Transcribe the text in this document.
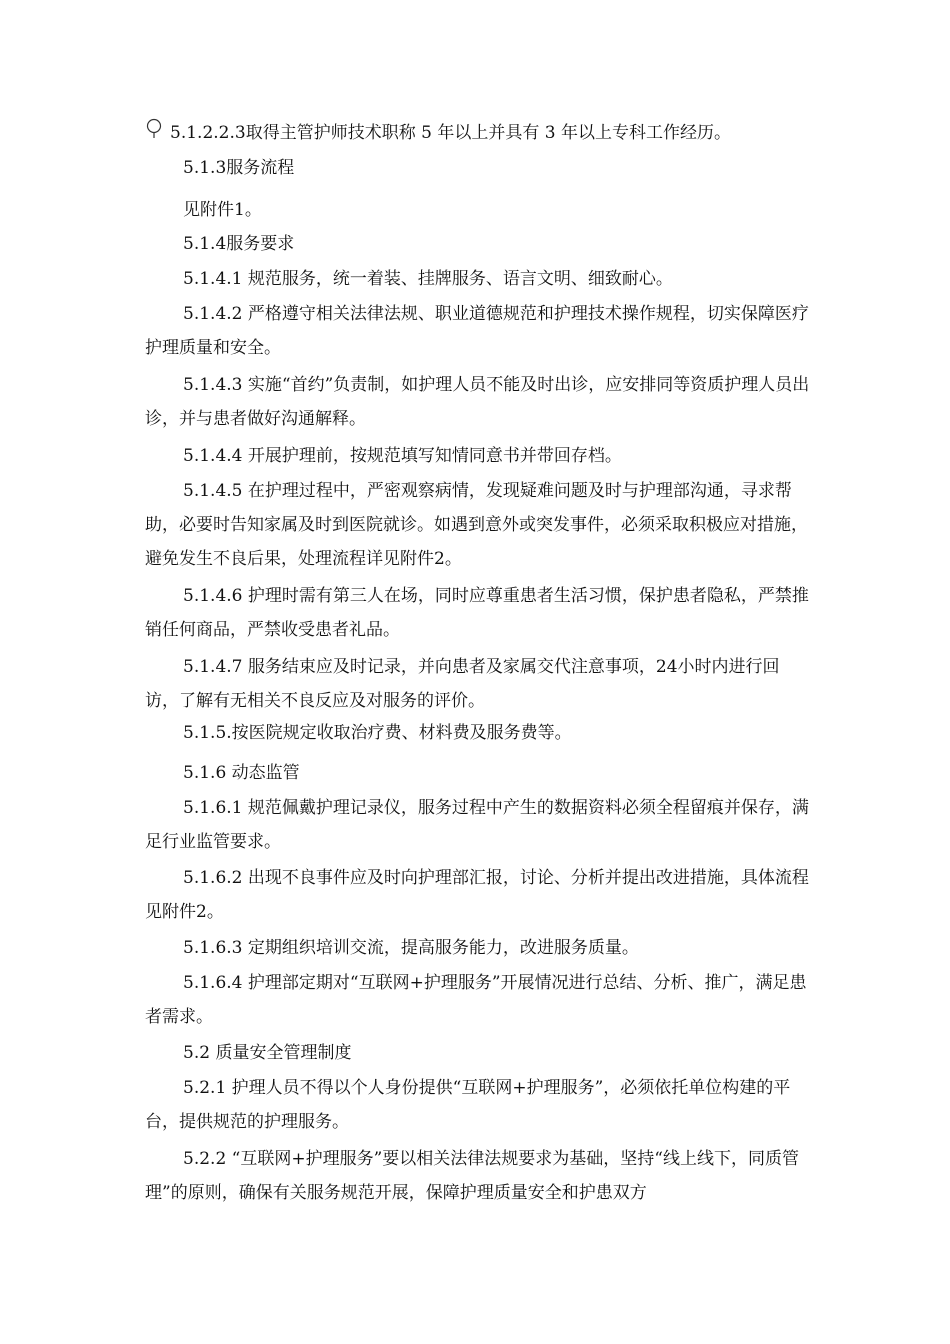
5.1.2.2.3取得主管护师技术职称 5 年以上并具有 3 年以上专科工作经历。

5.1.3服务流程

见附件1。

5.1.4服务要求

5.1.4.1 规范服务，统一着装、挂牌服务、语言文明、细致耐心。

5.1.4.2 严格遵守相关法律法规、职业道德规范和护理技术操作规程，切实保障医疗护理质量和安全。

5.1.4.3 实施“首约”负责制，如护理人员不能及时出诊，应安排同等资质护理人员出诊，并与患者做好沟通解释。

5.1.4.4 开展护理前，按规范填写知情同意书并带回存档。

5.1.4.5 在护理过程中，严密观察病情，发现疑难问题及时与护理部沟通，寻求帮助，必要时告知家属及时到医院就诊。如遇到意外或突发事件，必须采取积极应对措施，避免发生不良后果，处理流程详见附件2。

5.1.4.6 护理时需有第三人在场，同时应尊重患者生活习惯，保护患者隐私，严禁推销任何商品，严禁收受患者礼品。

5.1.4.7 服务结束应及时记录，并向患者及家属交代注意事项，24小时内进行回访，了解有无相关不良反应及对服务的评价。

5.1.5.按医院规定收取治疗费、材料费及服务费等。

5.1.6 动态监管

5.1.6.1 规范佩戴护理记录仪，服务过程中产生的数据资料必须全程留痕并保存，满足行业监管要求。

5.1.6.2 出现不良事件应及时向护理部汇报，讨论、分析并提出改进措施，具体流程见附件2。

5.1.6.3 定期组织培训交流，提高服务能力，改进服务质量。

5.1.6.4 护理部定期对“互联网+护理服务”开展情况进行总结、分析、推广，满足患者需求。

5.2 质量安全管理制度

5.2.1 护理人员不得以个人身份提供“互联网+护理服务”，必须依托单位构建的平台，提供规范的护理服务。

5.2.2 “互联网+护理服务”要以相关法律法规要求为基础，坚持“线上线下，同质管理”的原则，确保有关服务规范开展，保障护理质量安全和护患双方
